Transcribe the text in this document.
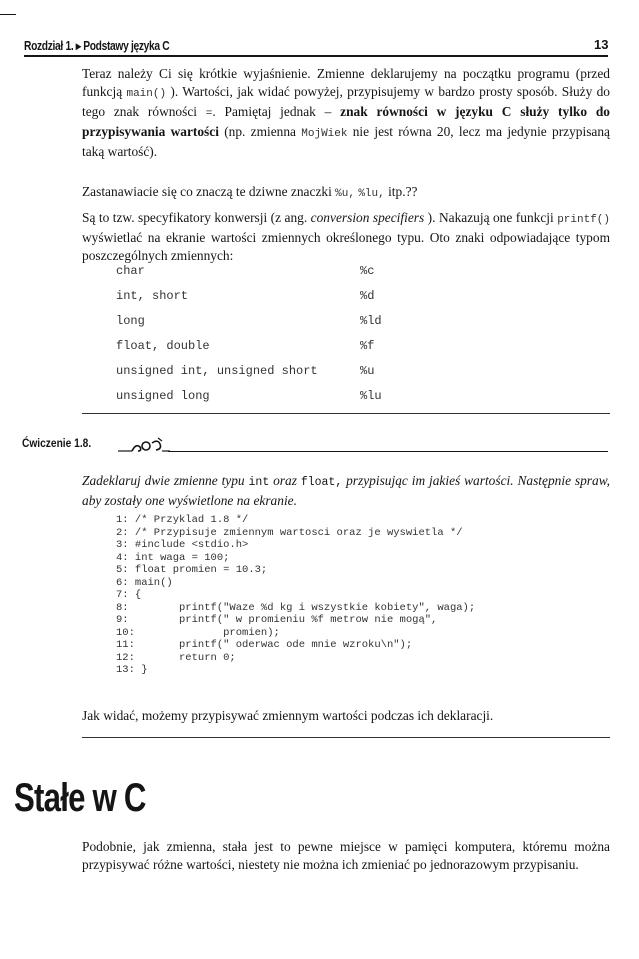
Rozdział 1. ▸ Podstawy języka C	13
Teraz należy Ci się krótkie wyjaśnienie. Zmienne deklarujemy na początku programu (przed funkcją main() ). Wartości, jak widać powyżej, przypisujemy w bardzo prosty sposób. Służy do tego znak równości =. Pamiętaj jednak – znak równości w języku C służy tylko do przypisywania wartości (np. zmienna MojWiek nie jest równa 20, lecz ma jedynie przypisaną taką wartość).
Zastanawiacie się co znaczą te dziwne znaczki %u, %lu, itp.??
Są to tzw. specyfikatory konwersji (z ang. conversion specifiers ). Nakazują one funkcji printf() wyświetlać na ekranie wartości zmiennych określonego typu. Oto znaki odpowiadające typom poszczególnych zmiennych:
char	%c
int, short	%d
long	%ld
float, double	%f
unsigned int, unsigned short	%u
unsigned long	%lu
Ćwiczenie 1.8.
Zadeklaruj dwie zmienne typu int oraz float, przypisując im jakieś wartości. Następnie spraw, aby zostały one wyświetlone na ekranie.
1: /* Przyklad 1.8 */
2: /* Przypisuje zmiennym wartosci oraz je wyswietla */
3: #include <stdio.h>
4: int waga = 100;
5: float promien = 10.3;
6: main()
7: {
8:        printf("Waze %d kg i wszystkie kobiety", waga);
9:        printf(" w promieniu %f metrow nie mogą",
10:              promien);
11:       printf(" oderwac ode mnie wzroku\n");
12:       return 0;
13: }
Jak widać, możemy przypisywać zmiennym wartości podczas ich deklaracji.
Stałe w C
Podobnie, jak zmienna, stała jest to pewne miejsce w pamięci komputera, któremu można przypisywać różne wartości, niestety nie można ich zmieniać po jednorazowym przypisaniu.
